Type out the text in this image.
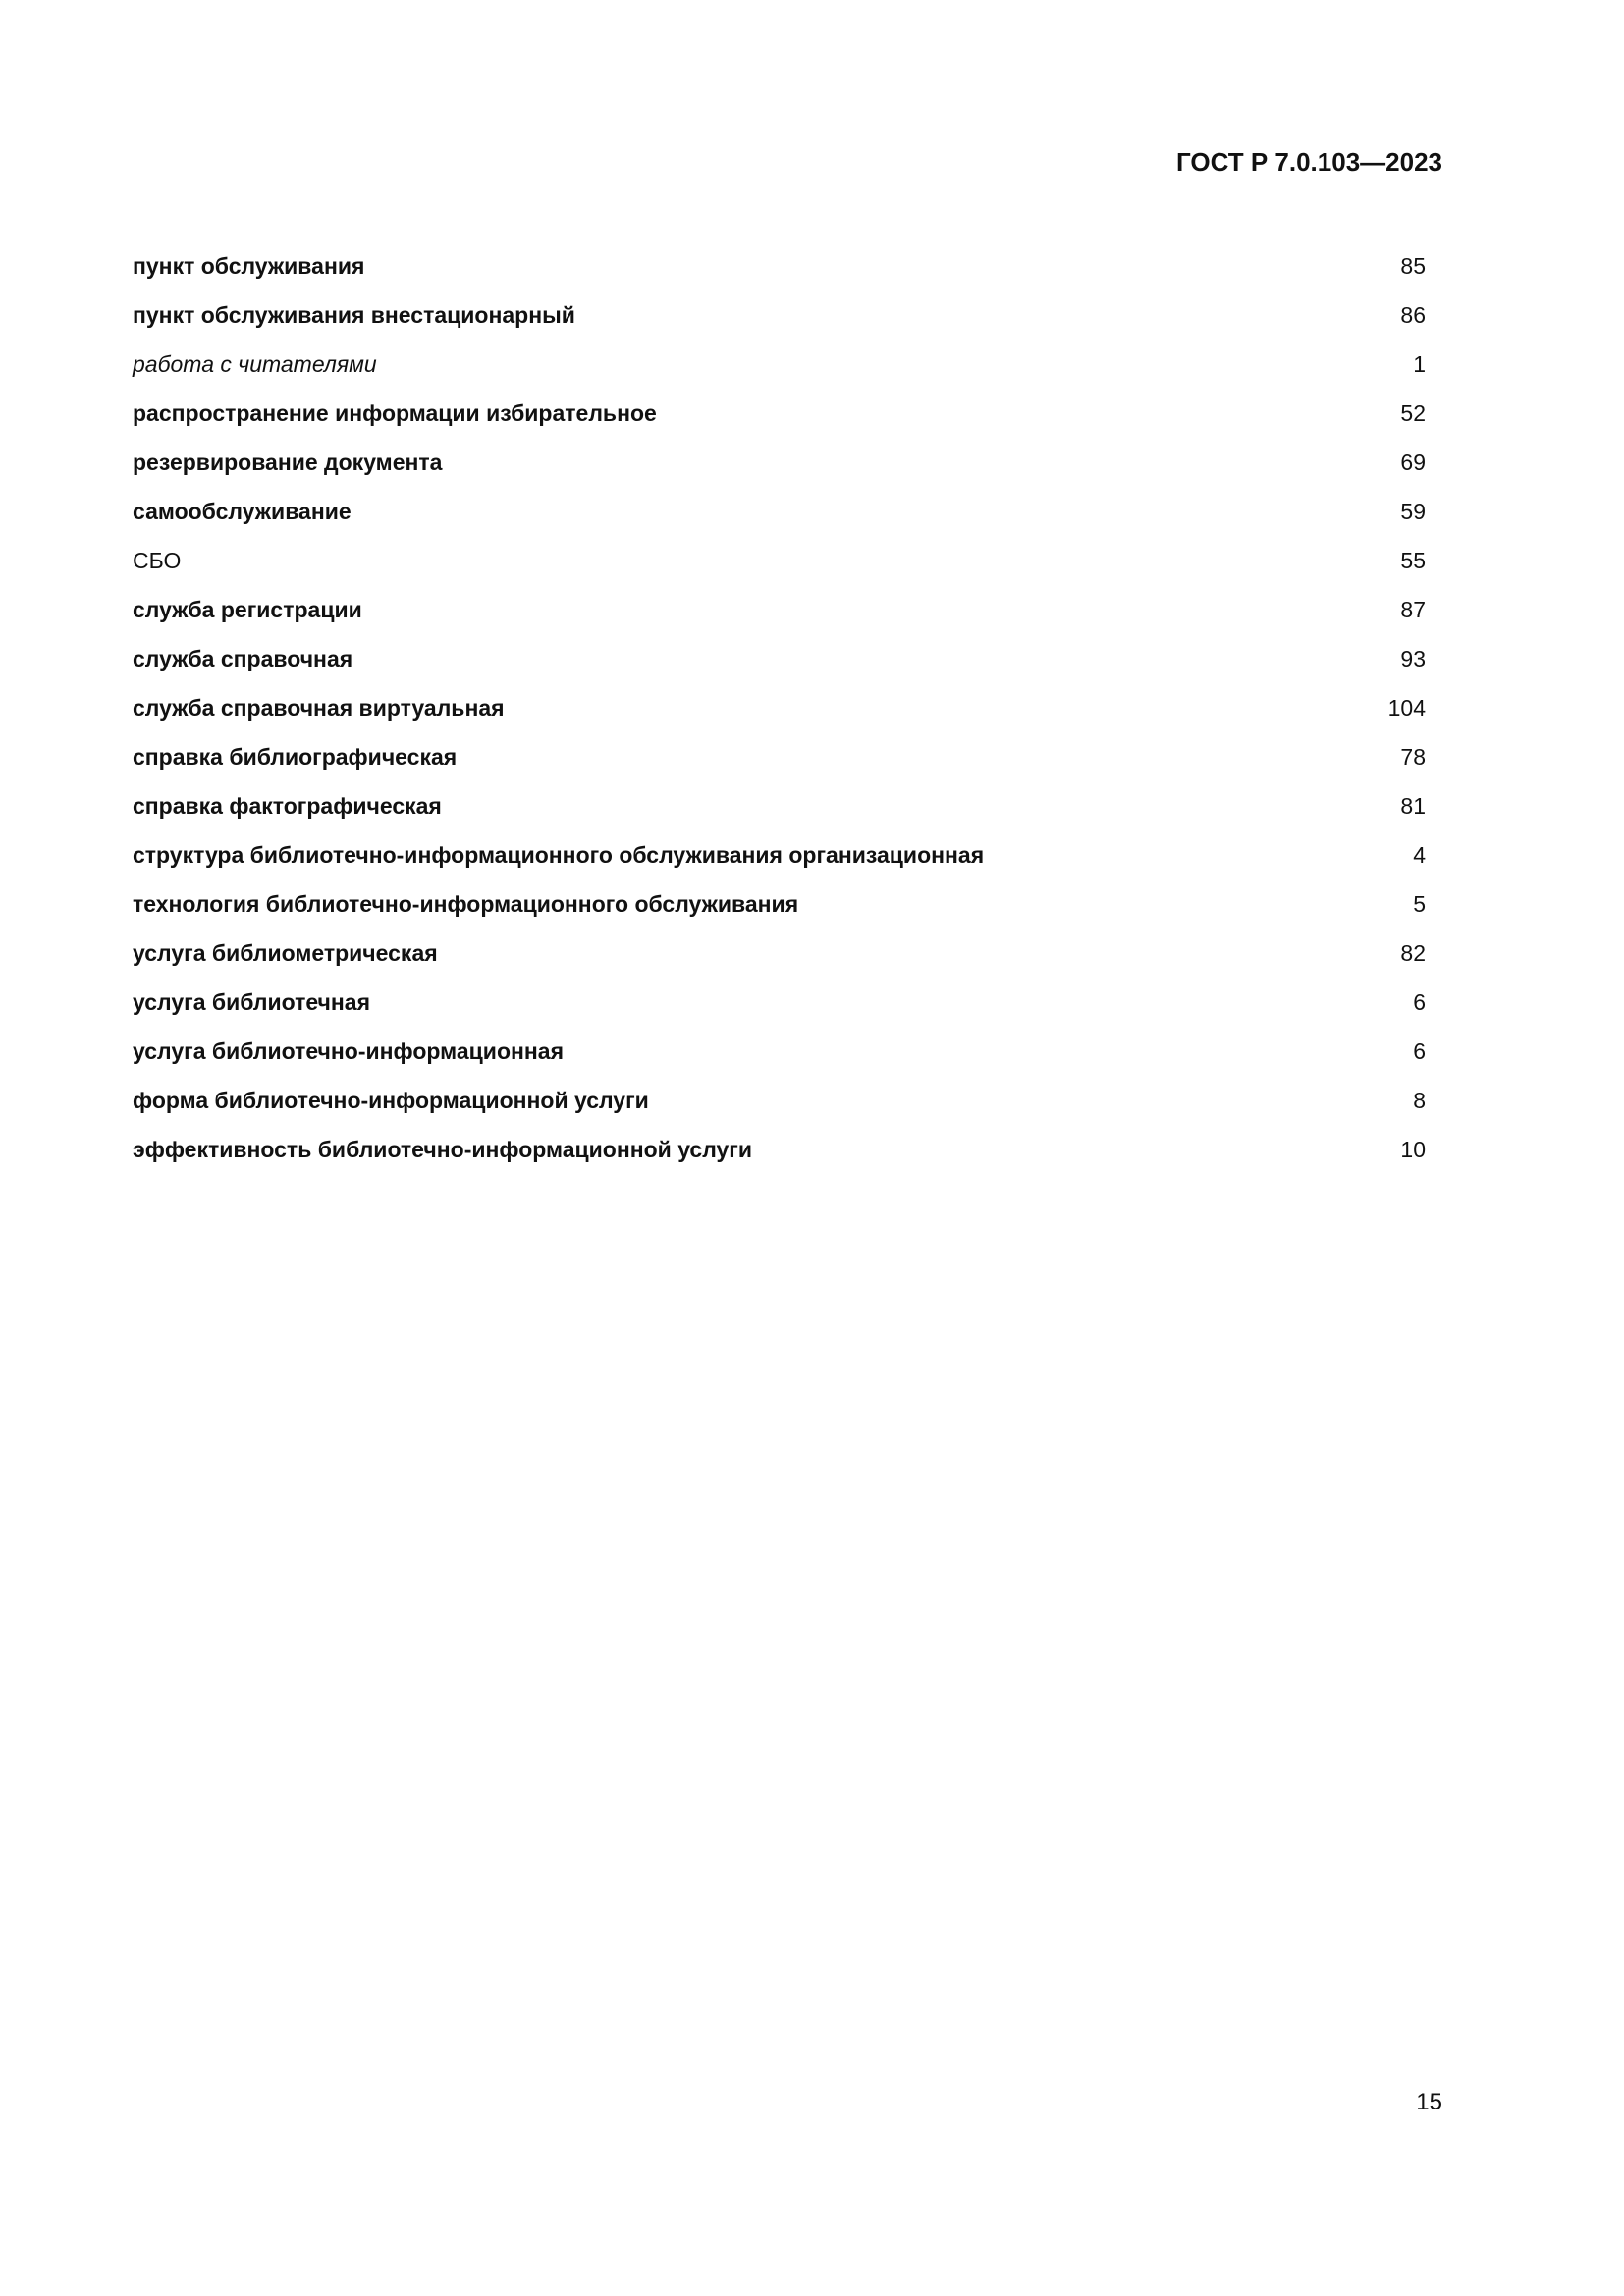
ГОСТ Р 7.0.103—2023
пункт обслуживания	85
пункт обслуживания внестационарный	86
работа с читателями	1
распространение информации избирательное	52
резервирование документа	69
самообслуживание	59
СБО	55
служба регистрации	87
служба справочная	93
служба справочная виртуальная	104
справка библиографическая	78
справка фактографическая	81
структура библиотечно-информационного обслуживания организационная	4
технология библиотечно-информационного обслуживания	5
услуга библиометрическая	82
услуга библиотечная	6
услуга библиотечно-информационная	6
форма библиотечно-информационной услуги	8
эффективность библиотечно-информационной услуги	10
15
